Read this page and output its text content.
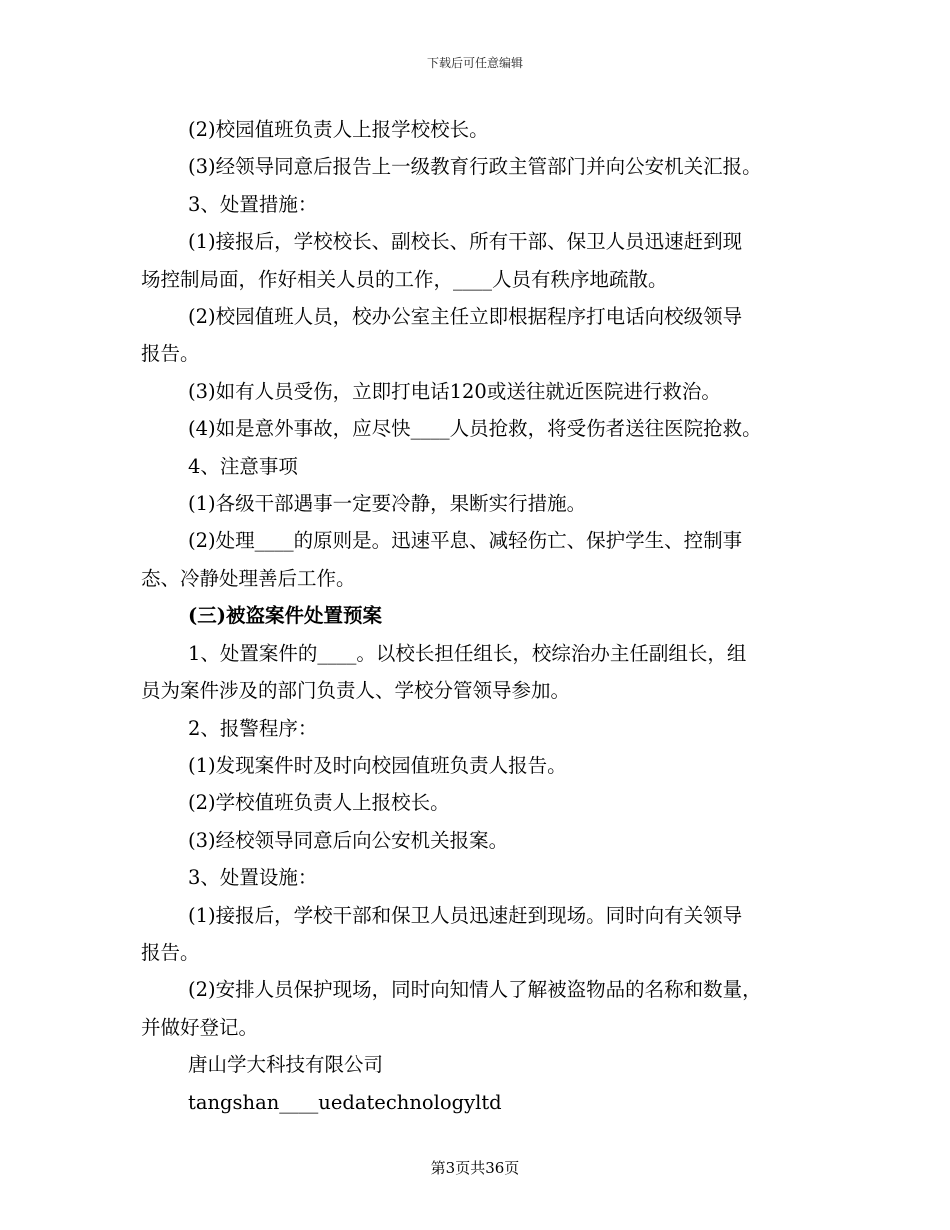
下载后可任意编辑

(2)校园值班负责人上报学校校长。

(3)经领导同意后报告上一级教育行政主管部门并向公安机关汇报。

3、处置措施：

(1)接报后，学校校长、副校长、所有干部、保卫人员迅速赶到现

场控制局面，作好相关人员的工作，____人员有秩序地疏散。

(2)校园值班人员，校办公室主任立即根据程序打电话向校级领导

报告。

(3)如有人员受伤，立即打电话120或送往就近医院进行救治。

(4)如是意外事故，应尽快____人员抢救，将受伤者送往医院抢救。

4、注意事项

(1)各级干部遇事一定要冷静，果断实行措施。

(2)处理____的原则是。迅速平息、减轻伤亡、保护学生、控制事

态、冷静处理善后工作。

(三)被盗案件处置预案

1、处置案件的____。以校长担任组长，校综治办主任副组长，组

员为案件涉及的部门负责人、学校分管领导参加。

2、报警程序：

(1)发现案件时及时向校园值班负责人报告。

(2)学校值班负责人上报校长。

(3)经校领导同意后向公安机关报案。

3、处置设施：

(1)接报后，学校干部和保卫人员迅速赶到现场。同时向有关领导

报告。

(2)安排人员保护现场，同时向知情人了解被盗物品的名称和数量，

并做好登记。

唐山学大科技有限公司

tangshan____uedatechnologyltd

第3页共36页
